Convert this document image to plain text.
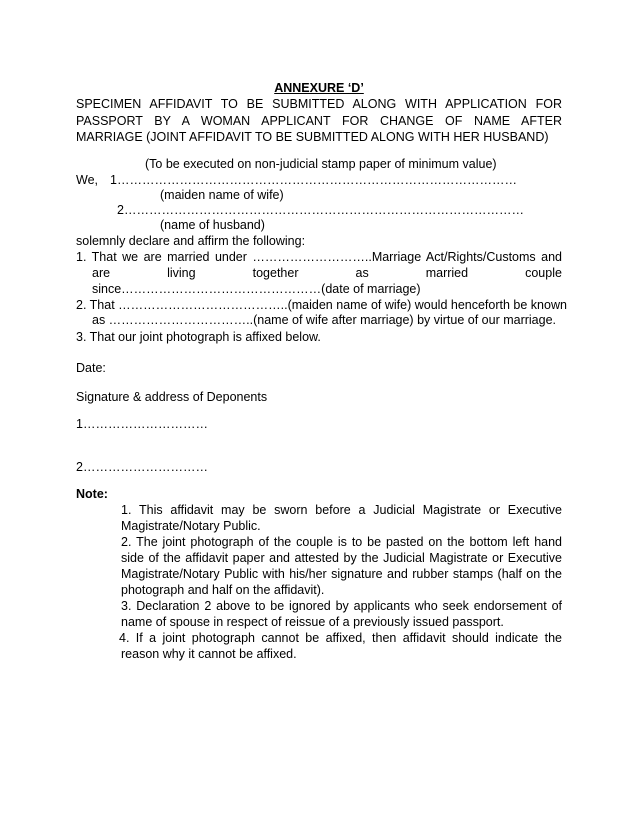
ANNEXURE ‘D’
SPECIMEN AFFIDAVIT TO BE SUBMITTED ALONG WITH APPLICATION FOR
PASSPORT BY A WOMAN APPLICANT FOR CHANGE OF NAME AFTER
MARRIAGE (JOINT AFFIDAVIT TO BE SUBMITTED ALONG WITH HER HUSBAND)
(To be executed on non-judicial stamp paper of minimum value)
We, 1……………………………………………………………………………………
(maiden name of wife)
2……………………………………………………………………………………
(name of husband)
solemnly declare and affirm the following:
1. That we are married under ………………………..Marriage Act/Rights/Customs and
are	living	together	as	married	couple
since…………………………………………(date of marriage)
2. That …………………………………..(maiden name of wife) would henceforth be known
as ……………………………..(name of wife after marriage) by virtue of our marriage.
3. That our joint photograph is affixed below.
Date:
Signature & address of Deponents
1…………………………
2…………………………
Note:
1. This affidavit may be sworn before a Judicial Magistrate or Executive
Magistrate/Notary Public.
2. The joint photograph of the couple is to be pasted on the bottom left hand
side of the affidavit paper and attested by the Judicial Magistrate or Executive
Magistrate/Notary Public with his/her signature and rubber stamps (half on the
photograph and half on the affidavit).
3. Declaration 2 above to be ignored by applicants who seek endorsement of
name of spouse in respect of reissue of a previously issued passport.
4. If a joint photograph cannot be affixed, then affidavit should indicate the
reason why it cannot be affixed.
